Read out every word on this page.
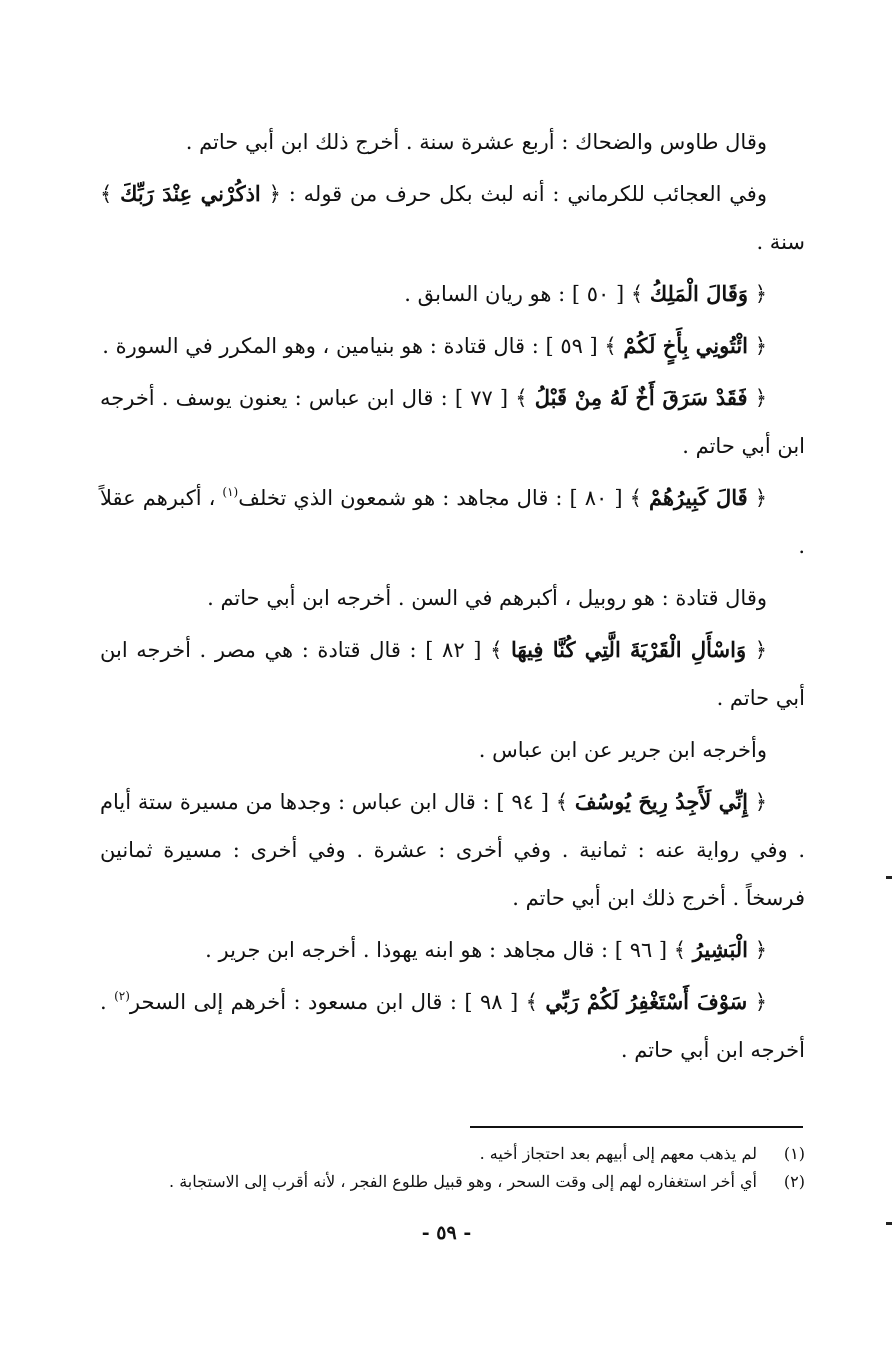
وقال طاوس والضحاك : أربع عشرة سنة . أخرج ذلك ابن أبي حاتم .

وفي العجائب للكرماني : أنه لبث بكل حرف من قوله : ﴿ اذكُرْني عِنْدَ رَبِّكَ ﴾ سنة .

﴿ وَقَالَ الْمَلِكُ ﴾ [ ٥٠ ] : هو ريان السابق .

﴿ ائْتُونِي بِأَخٍ لَكُمْ ﴾ [ ٥٩ ] : قال قتادة : هو بنيامين ، وهو المكرر في السورة .

﴿ فَقَدْ سَرَقَ أَخٌ لَهُ مِنْ قَبْلُ ﴾ [ ٧٧ ] : قال ابن عباس : يعنون يوسف . أخرجه ابن أبي حاتم .

﴿ قَالَ كَبِيرُهُمْ ﴾ [ ٨٠ ] : قال مجاهد : هو شمعون الذي تخلف$^{(١)}$ ، أكبرهم عقلاً .

وقال قتادة : هو روبيل ، أكبرهم في السن . أخرجه ابن أبي حاتم .

﴿ وَاسْأَلِ الْقَرْيَةَ الَّتِي كُنَّا فِيهَا ﴾ [ ٨٢ ] : قال قتادة : هي مصر . أخرجه ابن أبي حاتم .

وأخرجه ابن جرير عن ابن عباس .

﴿ إِنِّي لَأَجِدُ رِيحَ يُوسُفَ ﴾ [ ٩٤ ] : قال ابن عباس : وجدها من مسيرة ستة أيام . وفي رواية عنه : ثمانية . وفي أخرى : عشرة . وفي أخرى : مسيرة ثمانين فرسخاً . أخرج ذلك ابن أبي حاتم .

﴿ الْبَشِيرُ ﴾ [ ٩٦ ] : قال مجاهد : هو ابنه يهوذا . أخرجه ابن جرير .

﴿ سَوْفَ أَسْتَغْفِرُ لَكُمْ رَبِّي ﴾ [ ٩٨ ] : قال ابن مسعود : أخرهم إلى السحر$^{(٢)}$ . أخرجه ابن أبي حاتم .

(١)
لم يذهب معهم إلى أبيهم بعد احتجاز أخيه .
(٢)
أي أخر استغفاره لهم إلى وقت السحر ، وهو قبيل طلوع الفجر ، لأنه أقرب إلى الاستجابة .
- ٥٩ -
